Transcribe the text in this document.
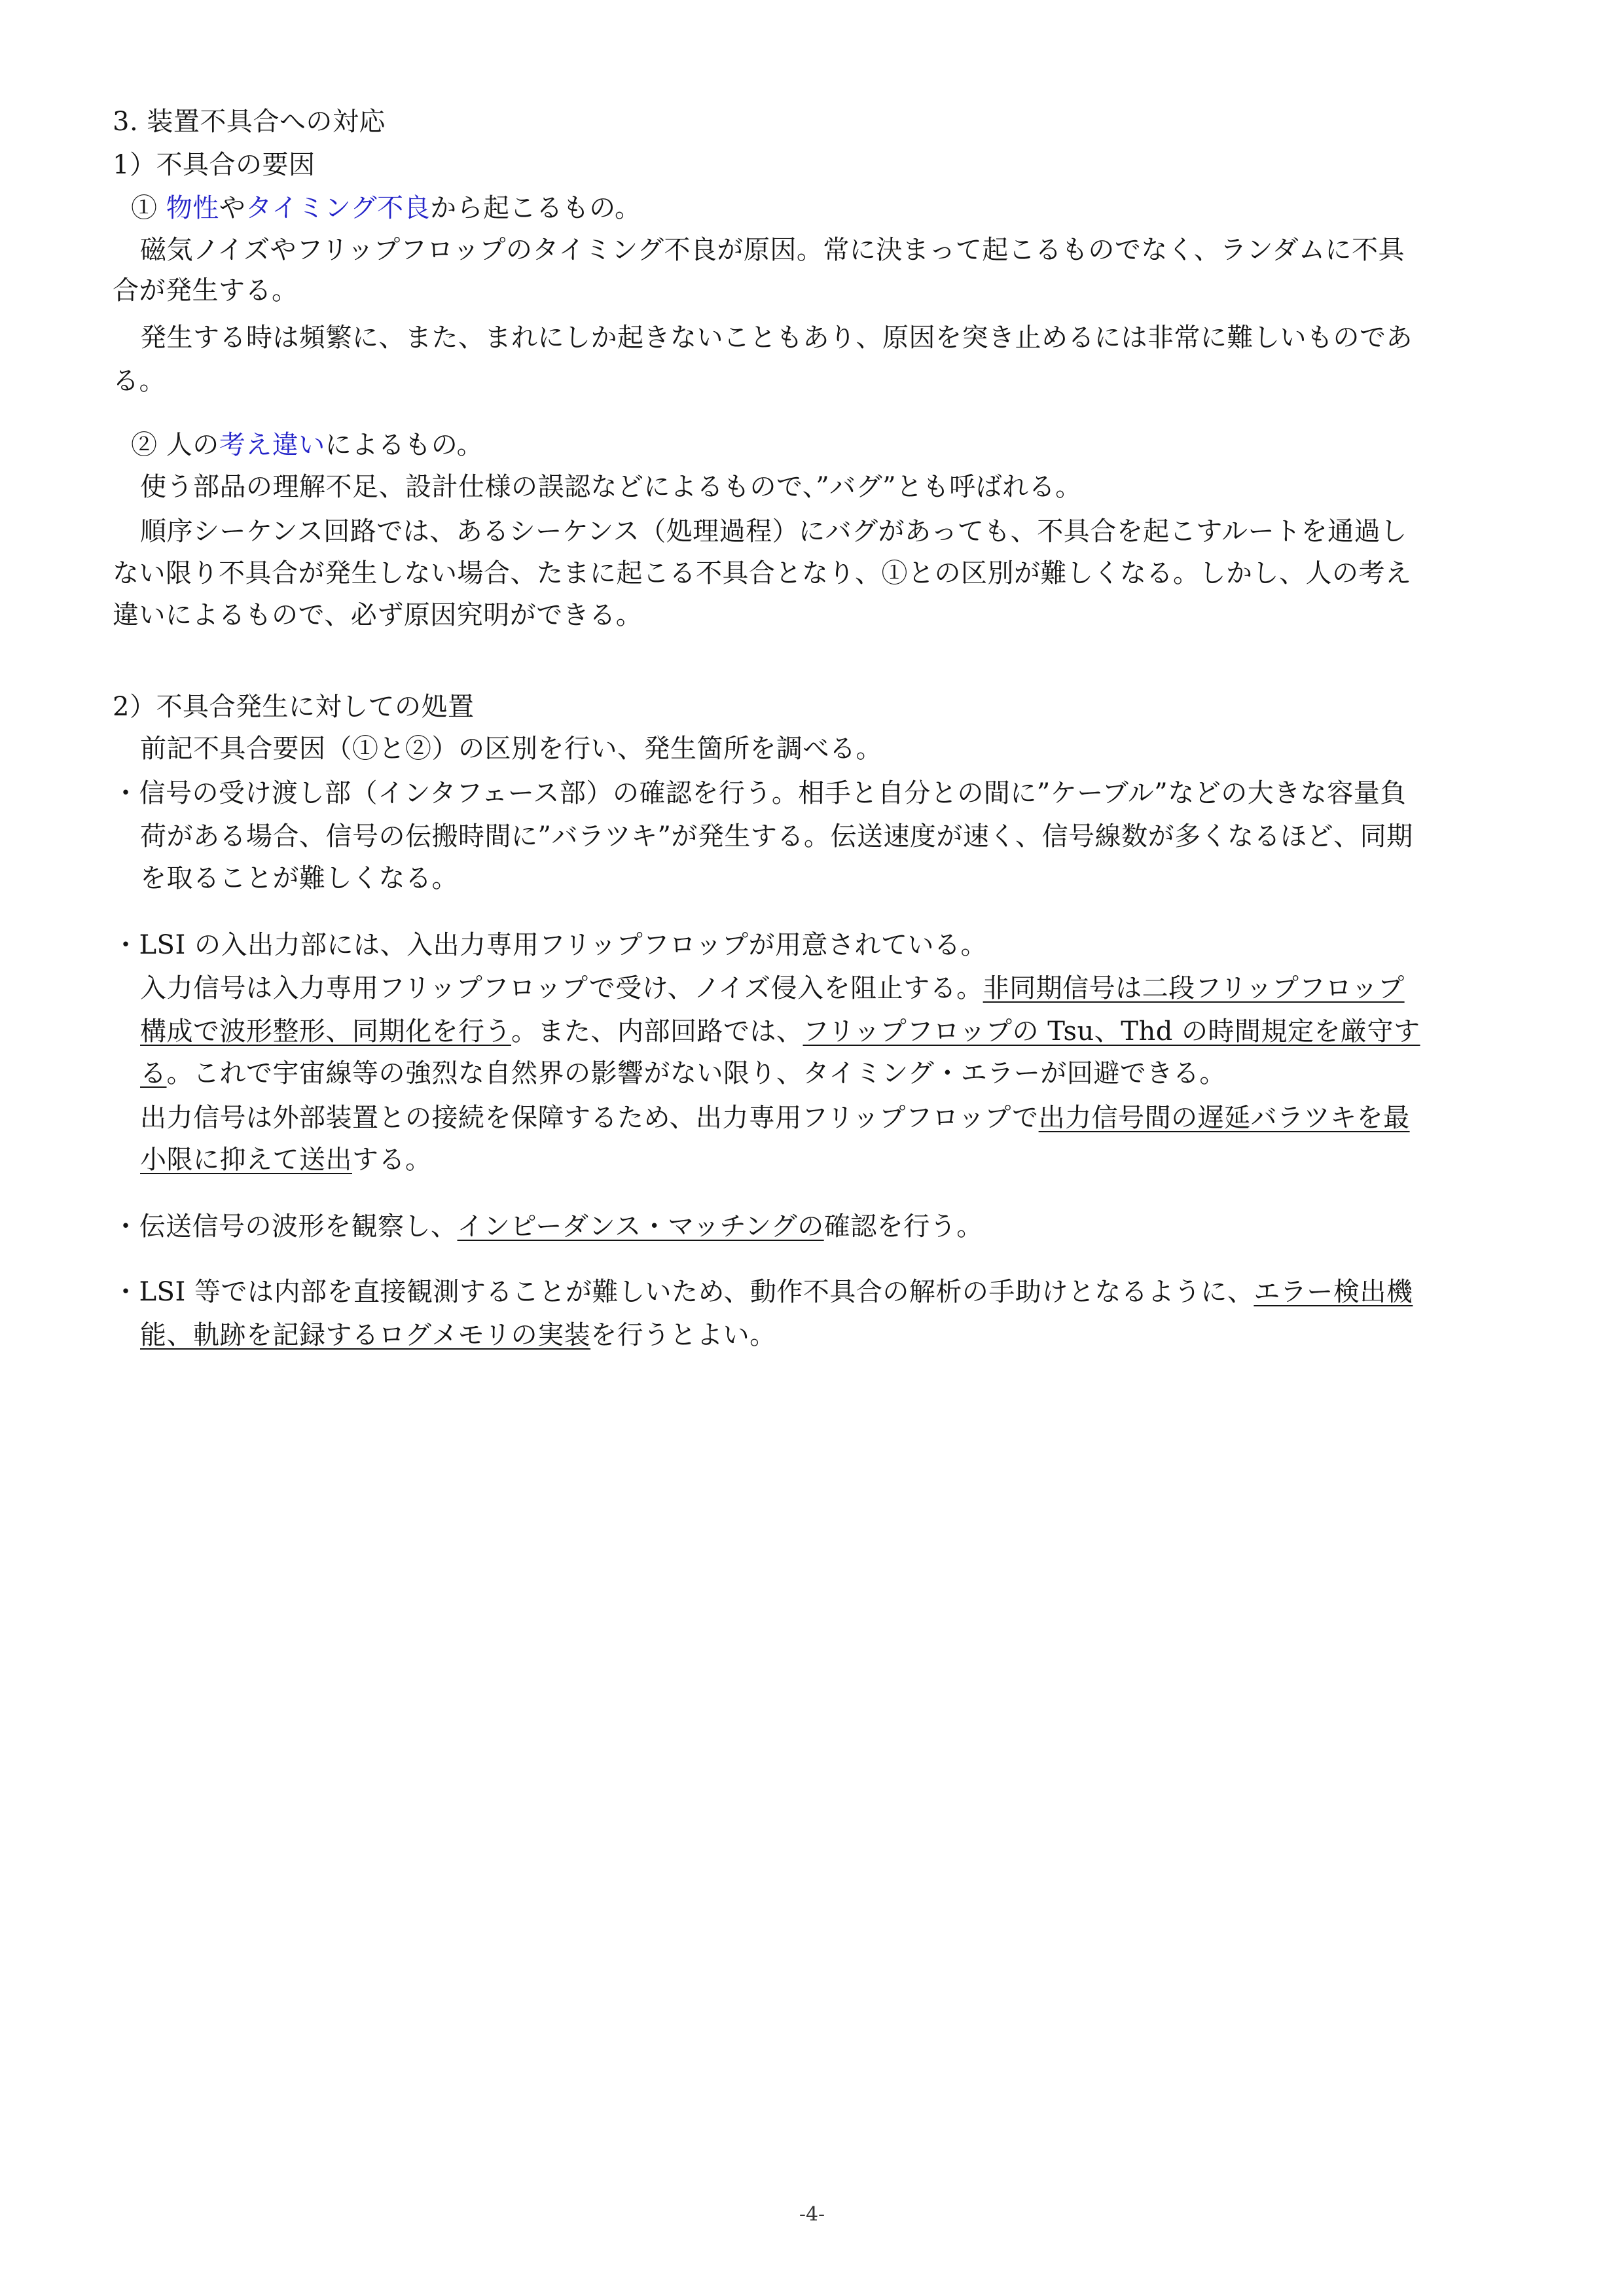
3. 装置不具合への対応
1）不具合の要因
① 物性やタイミング不良から起こるもの。
磁気ノイズやフリップフロップのタイミング不良が原因。常に決まって起こるものでなく、ランダムに不具
合が発生する。
発生する時は頻繁に、また、まれにしか起きないこともあり、原因を突き止めるには非常に難しいものであ
る。
② 人の考え違いによるもの。
使う部品の理解不足、設計仕様の誤認などによるもので、”バグ”とも呼ばれる。
順序シーケンス回路では、あるシーケンス（処理過程）にバグがあっても、不具合を起こすルートを通過し
ない限り不具合が発生しない場合、たまに起こる不具合となり、①との区別が難しくなる。しかし、人の考え
違いによるもので、必ず原因究明ができる。
2）不具合発生に対しての処置
前記不具合要因（①と②）の区別を行い、発生箇所を調べる。
・信号の受け渡し部（インタフェース部）の確認を行う。相手と自分との間に”ケーブル”などの大きな容量負
荷がある場合、信号の伝搬時間に”バラツキ”が発生する。伝送速度が速く、信号線数が多くなるほど、同期
を取ることが難しくなる。
・LSI の入出力部には、入出力専用フリップフロップが用意されている。
入力信号は入力専用フリップフロップで受け、ノイズ侵入を阻止する。非同期信号は二段フリップフロップ
構成で波形整形、同期化を行う。また、内部回路では、フリップフロップの Tsu、Thd の時間規定を厳守す
る。これで宇宙線等の強烈な自然界の影響がない限り、タイミング・エラーが回避できる。
出力信号は外部装置との接続を保障するため、出力専用フリップフロップで出力信号間の遅延バラツキを最
小限に抑えて送出する。
・伝送信号の波形を観察し、インピーダンス・マッチングの確認を行う。
・LSI 等では内部を直接観測することが難しいため、動作不具合の解析の手助けとなるように、エラー検出機
能、軌跡を記録するログメモリの実装を行うとよい。
-4-
